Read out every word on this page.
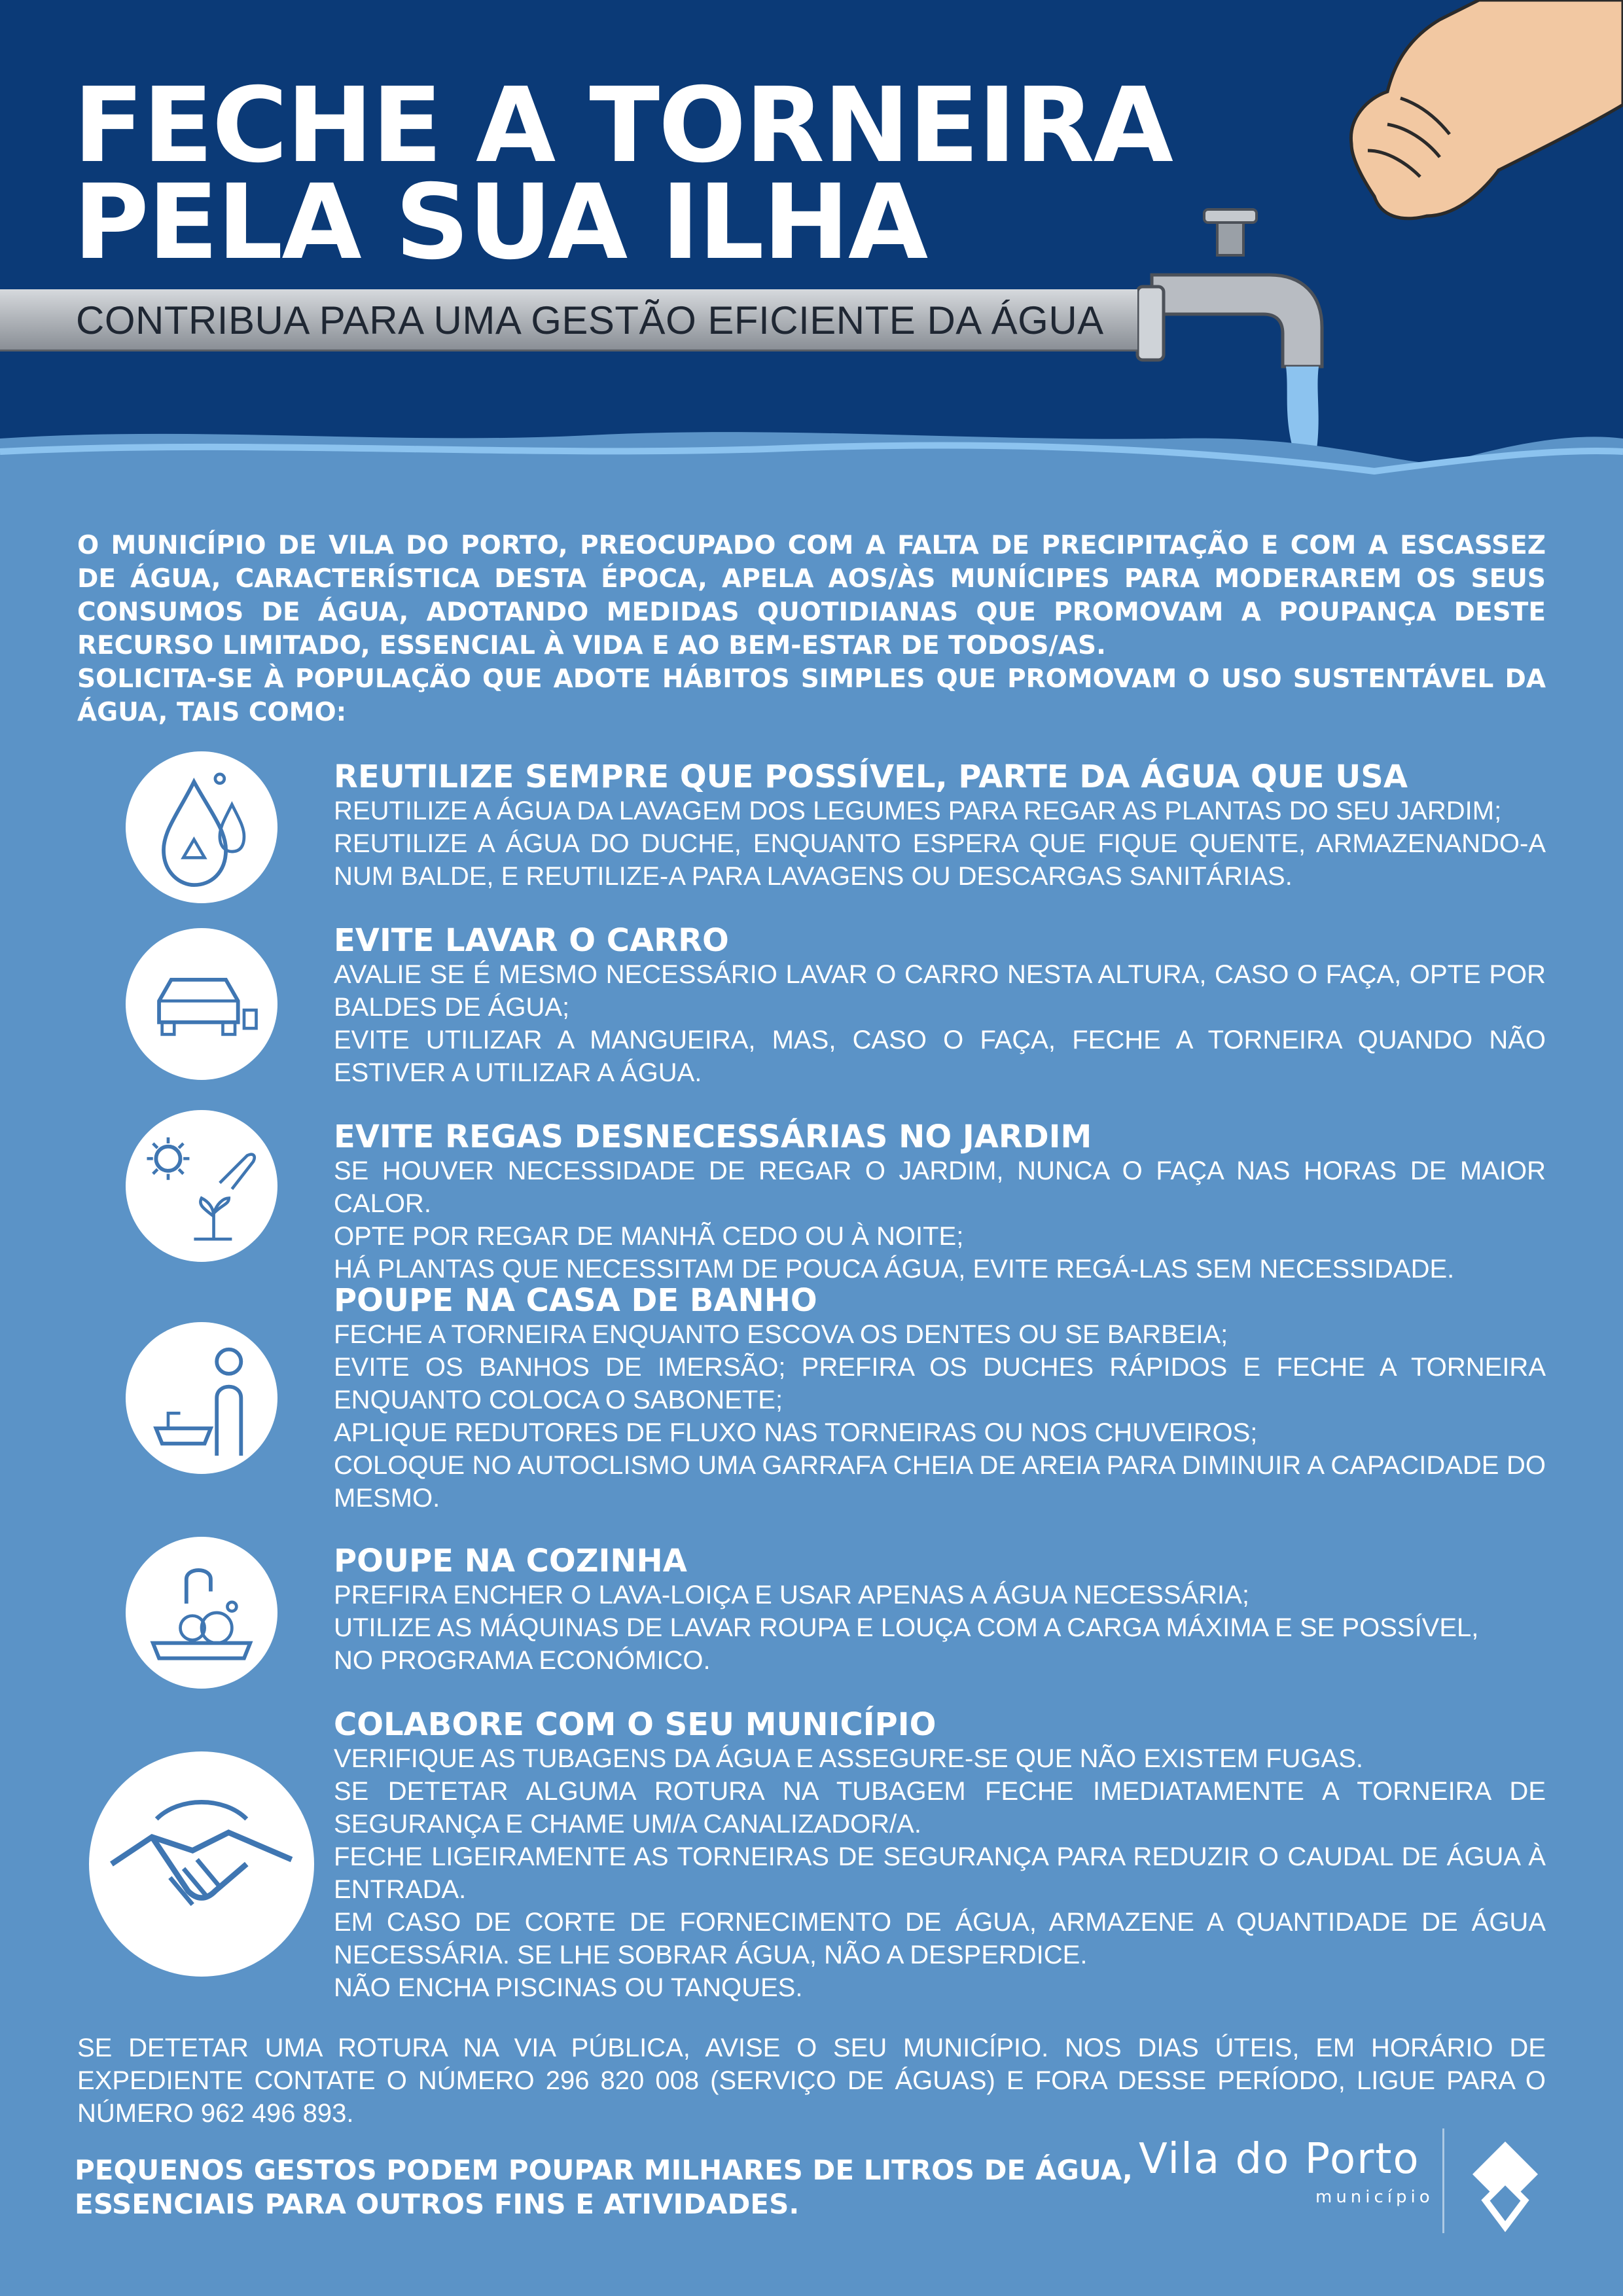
FECHE A TORNEIRA
PELA SUA ILHA
CONTRIBUA PARA UMA GESTÃO EFICIENTE DA ÁGUA

O MUNICÍPIO DE VILA DO PORTO, PREOCUPADO COM A FALTA DE PRECIPITAÇÃO E COM A ESCASSEZ DE ÁGUA, CARACTERÍSTICA DESTA ÉPOCA, APELA AOS/ÀS MUNÍCIPES PARA MODERAREM OS SEUS CONSUMOS DE ÁGUA, ADOTANDO MEDIDAS QUOTIDIANAS QUE PROMOVAM A POUPANÇA DESTE RECURSO LIMITADO, ESSENCIAL À VIDA E AO BEM-ESTAR DE TODOS/AS.

SOLICITA-SE À POPULAÇÃO QUE ADOTE HÁBITOS SIMPLES QUE PROMOVAM O USO SUSTENTÁVEL DA ÁGUA, TAIS COMO:

REUTILIZE SEMPRE QUE POSSÍVEL, PARTE DA ÁGUA QUE USA
REUTILIZE A ÁGUA DA LAVAGEM DOS LEGUMES PARA REGAR AS PLANTAS DO SEU JARDIM;
REUTILIZE A ÁGUA DO DUCHE, ENQUANTO ESPERA QUE FIQUE QUENTE, ARMAZENANDO-A NUM BALDE, E REUTILIZE-A PARA LAVAGENS OU DESCARGAS SANITÁRIAS.
EVITE LAVAR O CARRO
AVALIE SE É MESMO NECESSÁRIO LAVAR O CARRO NESTA ALTURA, CASO O FAÇA, OPTE POR BALDES DE ÁGUA;
EVITE UTILIZAR A MANGUEIRA, MAS, CASO O FAÇA, FECHE A TORNEIRA QUANDO NÃO ESTIVER A UTILIZAR A ÁGUA.
EVITE REGAS DESNECESSÁRIAS NO JARDIM
SE HOUVER NECESSIDADE DE REGAR O JARDIM, NUNCA O FAÇA NAS HORAS DE MAIOR CALOR.
OPTE POR REGAR DE MANHÃ CEDO OU À NOITE;
HÁ PLANTAS QUE NECESSITAM DE POUCA ÁGUA, EVITE REGÁ-LAS SEM NECESSIDADE.
POUPE NA CASA DE BANHO
FECHE A TORNEIRA ENQUANTO ESCOVA OS DENTES OU SE BARBEIA;
EVITE OS BANHOS DE IMERSÃO; PREFIRA OS DUCHES RÁPIDOS E FECHE A TORNEIRA ENQUANTO COLOCA O SABONETE;
APLIQUE REDUTORES DE FLUXO NAS TORNEIRAS OU NOS CHUVEIROS;
COLOQUE NO AUTOCLISMO UMA GARRAFA CHEIA DE AREIA PARA DIMINUIR A CAPACIDADE DO MESMO.
POUPE NA COZINHA
PREFIRA ENCHER O LAVA-LOIÇA E USAR APENAS A ÁGUA NECESSÁRIA;
UTILIZE AS MÁQUINAS DE LAVAR ROUPA E LOUÇA COM A CARGA MÁXIMA E SE POSSÍVEL,
NO PROGRAMA ECONÓMICO.
COLABORE COM O SEU MUNICÍPIO
VERIFIQUE AS TUBAGENS DA ÁGUA E ASSEGURE-SE QUE NÃO EXISTEM FUGAS.
SE DETETAR ALGUMA ROTURA NA TUBAGEM FECHE IMEDIATAMENTE A TORNEIRA DE SEGURANÇA E CHAME UM/A CANALIZADOR/A.
FECHE LIGEIRAMENTE AS TORNEIRAS DE SEGURANÇA PARA REDUZIR O CAUDAL DE ÁGUA À ENTRADA.
EM CASO DE CORTE DE FORNECIMENTO DE ÁGUA, ARMAZENE A QUANTIDADE DE ÁGUA NECESSÁRIA. SE LHE SOBRAR ÁGUA, NÃO A DESPERDICE.
NÃO ENCHA PISCINAS OU TANQUES.
SE DETETAR UMA ROTURA NA VIA PÚBLICA, AVISE O SEU MUNICÍPIO. NOS DIAS ÚTEIS, EM HORÁRIO DE EXPEDIENTE CONTATE O NÚMERO 296 820 008 (SERVIÇO DE ÁGUAS) E FORA DESSE PERÍODO, LIGUE PARA O NÚMERO 962 496 893.
PEQUENOS GESTOS PODEM POUPAR MILHARES DE LITROS DE ÁGUA,
ESSENCIAIS PARA OUTROS FINS E ATIVIDADES.
Vila do Porto
município
